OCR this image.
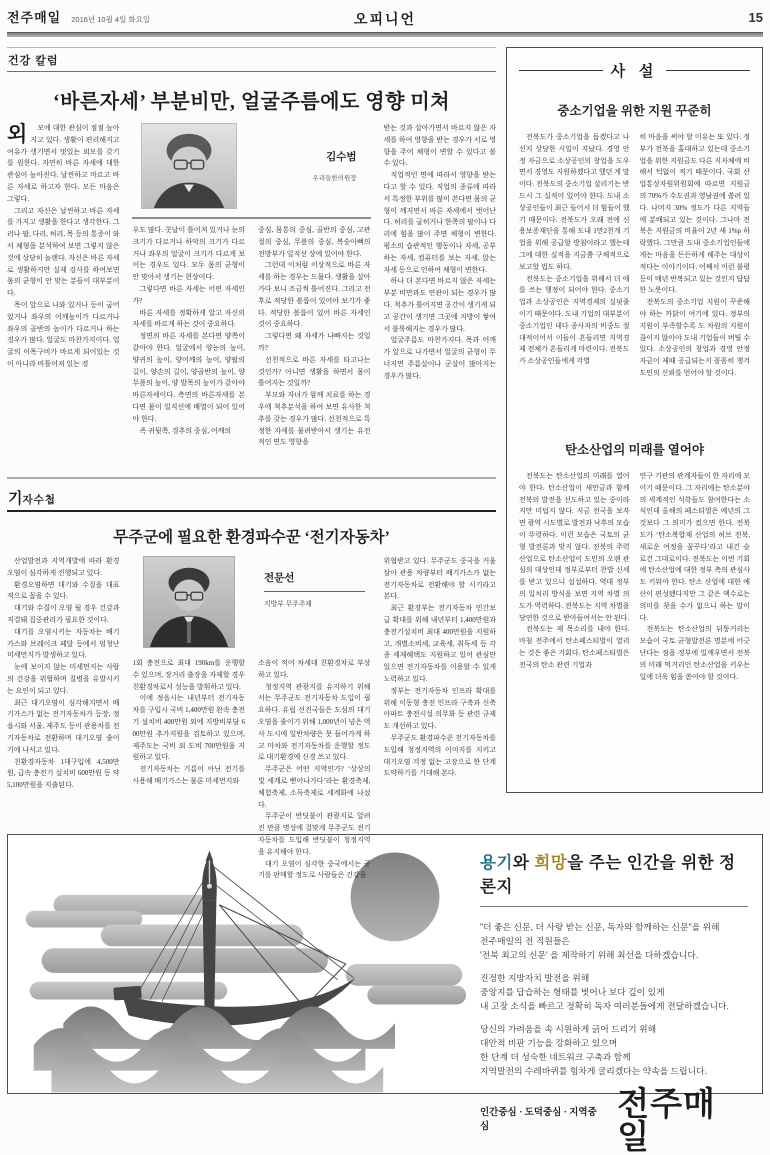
전주매일 2016년 10월 4일 화요일	오피니언	15
건강 칼럼
‘바른자세’ 부분비만, 얼굴주름에도 영향 미쳐
외	모에 대한 관심이 점점 높아지고 있다. 생활이 편리해지고 여유가 생기면서 멋있는 외모를 갖기를 원한다. 자연히 바른 자세에 대한 관심이 높아진다. 날씬하고 마르고 바른 자세로 하고자 한다. 모든 마음은 그렇다.

그리고 자신은 날씬하고 바른 자세를 가지고 생활을 한다고 생각한다. 그러나 팔, 다리, 허리, 목 등의 통증이 와서 체형을 분석하여 보면 그렇지 않은 것에 상당히 놀랜다. 자신은 바른 자세로 생활하지만 실제 검사를 하여보면 몸의 균형이 안 맞는 분들이 대부분이다.

목이 앞으로 나와 있거나 등이 굽어 있거나 좌우의 어깨높이가 다르거나 좌우의 골반의 높이가 다르거나 하는 경우가 많다. 얼굴도 마찬가지이다. 얼굴의 이목구비가 바르게 되어있는 것이 아니라 비틀어져 있는 경

우도 많다. 콧날이 틀어져 있거나 눈의 크기가 다르거나 하악의 크기가 다르거나 좌우의 얼굴이 크기가 다르게 보이는 경우도 있다. 모두 몸의 균형이 안 맞아서 생기는 현상이다.

그렇다면 바른 자세는 어떤 자세인가?

바른 자세를 정확하게 알고 자신의 자세를 바르게 하는 것이 중요하다.

정면의 바른 자세를 본다면 양쪽이 같아야 한다. 얼굴에서 양눈의 높이, 양귀의 높이, 양어깨의 높이, 양팔의 길이, 양손의 길이, 양골반의 높이, 양무릎의 높이, 양 발목의 높이가 같아야 바른자세이다. 측면의 바른자세를 본다면 몸이 일직선에 배열이 되어 있어야 한다.

즉 귀뒷쪽, 경추의 중심, 어깨의

김수범
우리들한의원장

중심, 몸통의 중심, 골반의 중심, 고관절의 중심, 무릎의 중심, 복숭아뼈의 전방부가 일직선 상에 있어야 한다.

그런데 이처럼 이상적으로 바른 자세를 하는 경우는 드물다. 생활을 살아가다 보니 조금씩 틀어진다. 그리고 전후로 적당한 볼륨이 있어야 보기가 좋다. 적당한 볼륨이 있어 바른 자세인 것이 중요하다.

그렇다면 왜 자세가 나빠지는 것일까?

선천적으로 바른 자세를 타고나는 것인가? 아니면 생활을 하면서 몸이 틀어지는 것일까?

부모와 자녀가 함께 치료를 하는 경우에 척추분석을 하여 보면 유사한 척추를 갖는 경우가 많다. 선천적으로 특정한 자세를 물려받아서 생기는 유전적인 면도 영향을

받는 것과 살아가면서 바르지 않은 자세를 하여 영향을 받는 경우가 서로 영향을 주어 체형이 변할 수 있다고 볼 수 있다.

직업적인 면에 따라서 영향을 받는다고 할 수 있다. 직업의 종류에 따라서 특정한 부위를 많이 쓴다면 몸의 균형이 깨지면서 바른 자세에서 벗어난다. 허리를 굽히거나 한쪽의 팔이나 다리에 힘을 많이 주면 체형이 변한다. 평소의 습관적인 행동이나 자세, 공부하는 자세, 컴퓨터를 보는 자세, 앉는 자세 등으로 인하여 체형이 변한다.

하나 더 본다면 바르지 않은 자세는 부분 비만과도 연관이 되는 경우가 많다. 척추가 틀어지면 공간이 생기게 되고 공간이 생기면 그곳에 지방이 쌓여서 불룩해지는 경우가 많다.

얼굴주름도 마찬가지다. 목과 어깨가 앞으로 나가면서 얼굴의 균형이 무너지면 주름살이나 군살이 많아지는 경우가 많다.

기자수첩
무주군에 필요한 환경파수꾼 ‘전기자동차’

산업발전과 지역개발에 따라 환경오염이 심각하게 진행되고 있다.

환경오염하면 대기와 수질을 대표적으로 꼽을 수 있다.

대기와 수질이 오염 될 경우 건강과 직결돼 집중관리가 필요한 것이다.

대기를 오염시키는 자동차는 배기가스와 브레이크 페달 등에서 엄청난 미세먼지가 발생하고 있다.

눈에 보이지 않는 미세먼지는 사람의 건강을 위협하며 질병을 유발시키는 요인이 되고 있다.

최근 대기오염이 심각해지면서 배기가스가 없는 전기자동차가 등장, 정읍시와 서울, 제주도 등이 관용차를 전기자동차로 전환하며 대기오염 줄이기에 나서고 있다.

친환경자동차 1대구입에 4,500만원, 급속 충전기 설치비 600만원 등 약 5,100만원을 지출된다.

1회 충전으로 최대 190km를 운행할 수 있으며, 장거리 출장을 자제할 경우 친환경차로서 성능을 발휘하고 있다.

이에 정읍시는 내년부터 전기자동차를 구입시 국비 1,400만원 완속 충전기 설치비 400만원 외에 지방비부담 600만원 추가지원을 검토하고 있으며, 제주도는 국비 외 도비 700만원을 지원하고 있다.

전기자동차는 기름이 아닌 전기를 사용해 배기가스는 물론 미세먼지와

전문선
지방부 무주주재

소음이 적어 차세대 친환경차로 부상하고 있다.

청정지역 관광지를 유지하기 위해서는 무주군도 전기자동차 도입이 필요하다. 유럽 선진국들은 도심의 대기오염을 줄이기 위해 1,000년이 넘은 역사 도시에 일반차량은 못 들어가게 하고 마차와 전기자동차를 운행할 정도로 대기환경에 신경 쓰고 있다.

무주군은 어떤 지역인가? ‘상상의 빛 세계로 뻗어나가다’라는 환경축제, 체험축제, 소득축제로 세계화에 나섰다.

무주군이 반딧불이 관광지로 알려진 만큼 명성에 걸맞게 무주군도 전기자동차를 도입해 반딧불이 청정지역을 유지해야 한다.

대기 오염이 심각한 중국에서는 공기를 판매할 정도로 사람들은 건강을

위협받고 있다. 무주군도 중국을 거울삼아 관용 차량부터 배기가스가 없는 전기자동차로 전환해야 할 시기라고 본다.

최근 환경부는 전기자동차 민간보급 확대를 위해 내년부터 1,400만원과 충전기설치비 최대 400만원을 지원하고, 개별소비세, 교육세, 취득세 등 각종 세제혜택도 지원하고 있어 관심만 있으면 전기자동차를 이용할 수 있게 노력하고 있다.

정부는 전기자동차 인프라 확대를 위해 이동형 충전 인프라 구축과 신축 아파트 충전시설 의무화 등 관련 규제도 개선하고 있다.

무주군도 환경파수꾼 전기자동차를 도입해 청정지역의 이미지를 지키고 대기오염 걱정 없는 고장으로 한 단계 도약하기를 기대해 본다.

사 설
중소기업을 위한 지원 꾸준히

전북도가 중소기업을 돕겠다고 나선지 상당한 시일이 지났다. 경영 안정 자금으로 소상공인의 창업을 도우면서 경영도 지원하겠다고 했던 게 말이다. 전북도의 중소기업 살리기는 반드시 그 실적이 있어야 한다. 도내 소상공인들이 최근 들어서 더 힘들어 했기 때문이다. 전북도가 오래 전에 신용보증재단을 통해 도내 1만2천개 기업을 위해 공급할 방침이라고 했는데 그에 대한 실적을 지금쯤 구체적으로 보고할 법도 하다.

전북도는 중소기업을 위해서 더 애를 쓰는 행정이 되어야 한다. 중소기업과 소상공인은 지역경제의 실핏줄이기 때문이다. 도내 기업의 대부분이 중소기업인 데다 종사자의 비중도 절대적이어서 이들이 흔들리면 지역경제 전체가 흔들리게 마련이다. 전북도가 소상공인들에게 각별

히 마음을 써야 할 이유는 또 있다. 정부가 전북을 홀대하고 있는데 중소기업을 위한 지원금도 다른 지자체에 비해서 턱없이 적기 때문이다. 국회 산업통상자원위원회에 따르면 지원금의 70%가 수도권과 영남권에 쏠려 있다. 나머지 30% 정도가 다른 지역들에 분배되고 있는 것이다. 그나마 전북은 지원금의 비율이 2년 새 1%p 하락했다. 그만큼 도내 중소기업인들에게는 마음을 든든하게 해주는 대상이 적다는 이야기이다. 어째서 이런 불평등이 매년 반복되고 있는 것인지 답답한 노릇이다.

전북도의 중소기업 지원이 꾸준해야 하는 까닭이 여기에 있다. 정부의 지원이 부족할수록 도 차원의 지원이 끊이지 않아야 도내 기업들이 버틸 수 있다. 소상공인의 창업과 경영 안정 자금이 제때 공급되는지 꼼꼼히 챙겨 도민의 신뢰를 얻어야 할 것이다.

탄소산업의 미래를 열어야

전북도는 탄소산업의 미래를 열어야 한다. 탄소산업이 새만금과 함께 전북의 발전을 선도하고 있는 중이라지만 미덥지 않다. 지금 전국을 보자면 광역 시도별로 발전과 낙후의 모습이 뚜렷하다. 이런 모습은 국토의 균형 발전론과 맞지 않다. 전북의 주력 산업으로 탄소산업이 도민의 오랜 관심의 대상인데 정부로부터 찬밥 신세를 받고 있으니 섭섭하다. 역대 정부의 일처리 방식을 보면 지역 차별 의도가 역력하다. 전북도는 지역 차별을 당연한 것으로 받아들여서는 안 된다.

전북도는 제 목소리를 내야 한다. 마침 전주에서 탄소페스티벌이 열리는 것은 좋은 기회다. 탄소페스티벌은 전국의 탄소 관련 기업과

연구 기관의 관계자들이 한 자리에 모이기 때문이다. 그 자리에는 탄소분야의 세계적인 석학들도 참여한다는 소식인데 올해의 페스티벌은 예년의 그것보다 그 의미가 컸으면 한다. 전북도가 ‘탄소복합재 산업의 허브 전북, 새로운 여정을 꿈꾸다’라고 내건 슬로건 그대로이다. 전북도는 이번 기회에 탄소산업에 대한 정부 측의 관심사도 키워야 한다. 탄소 산업에 대한 예산이 편성됐다지만 그 같은 액수로는 의미를 찾을 수가 없으니 하는 말이다.

전북도는 탄소산업의 뒤뚱거리는 모습이 국토 균형발전론 명분에 어긋난다는 점을 정부에 일깨우면서 전북의 미래 먹거리인 탄소산업을 키우는 일에 더욱 힘을 쏟아야 할 것이다.

용기와 희망을 주는 인간을 위한 정론지
"더 좋은 신문, 더 사랑 받는 신문, 독자와 함께하는 신문"을 위해
전주매일의 전 직원들은
'전북 최고의 신문' 을 제작하기 위해 최선을 다하겠습니다.
진정한 지방자치 발전을 위해
중앙지를 답습하는 형태를 벗어나 보다 깊이 있게
내 고장 소식을 빠르고 정확히 독자 여러분들에게 전달하겠습니다.
당신의 가려움을 속 시원하게 긁어 드리기 위해
대안적 비판 기능을 강화하고 있으며
한 단계 더 성숙한 네트워크 구축과 함께
지역발전의 수레바퀴를 힘차게 굴리겠다는 약속을 드립니다.
인간중심 · 도덕중심 · 지역중심
전주매일
